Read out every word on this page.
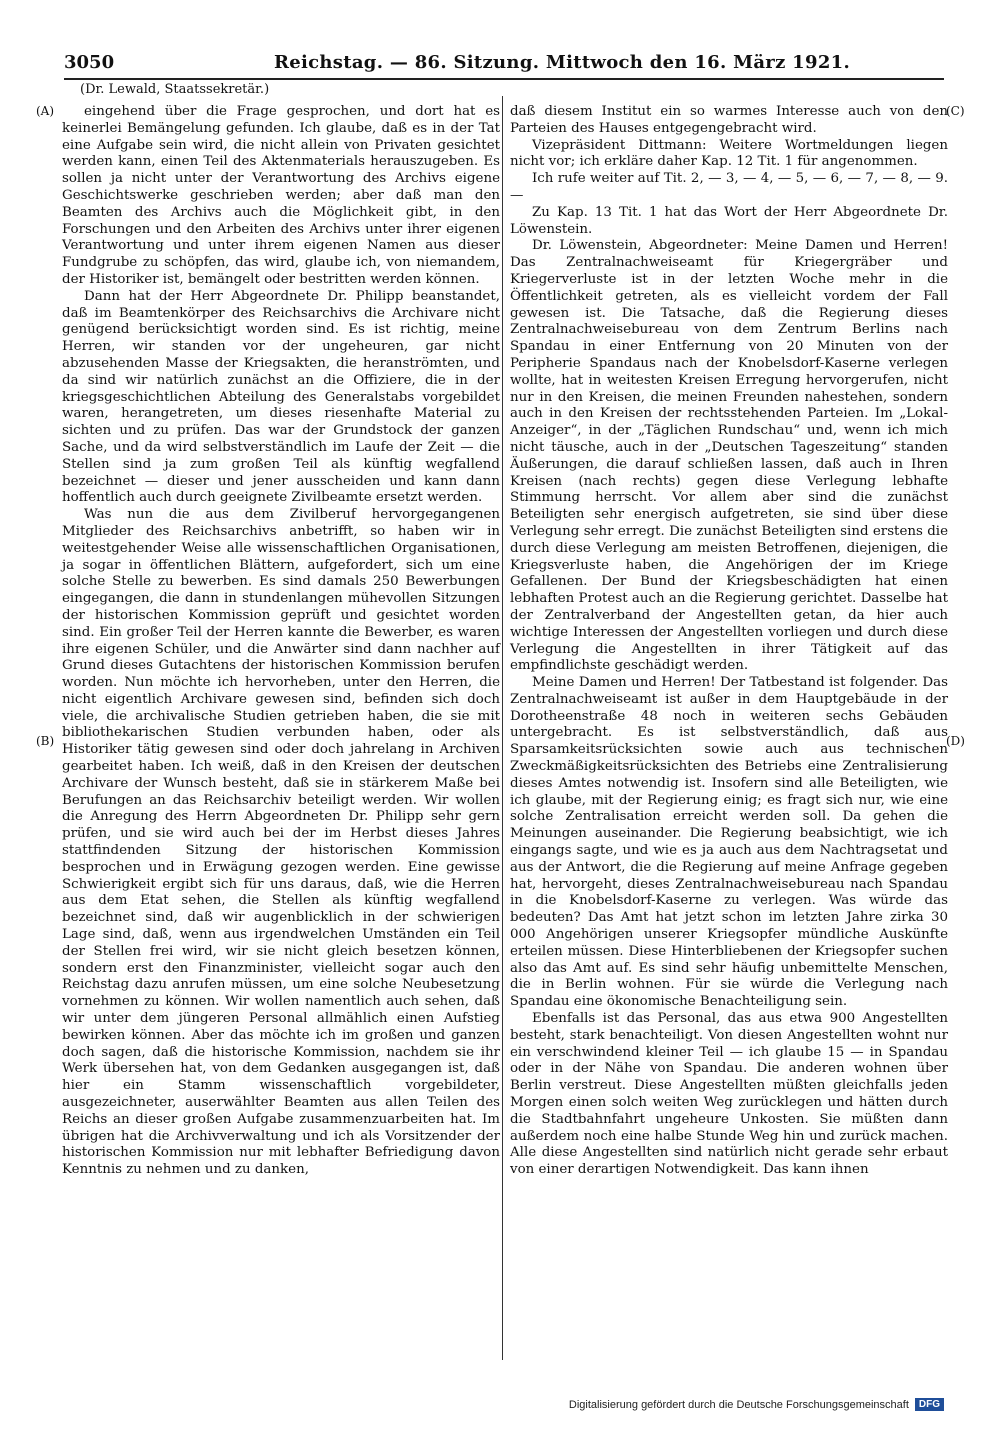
3050	Reichstag. — 86. Sitzung. Mittwoch den 16. März 1921.
(Dr. Lewald, Staatssekretär.)
(A)
(B)
(C)
(D)

eingehend über die Frage gesprochen, und dort hat es keinerlei Bemängelung gefunden. Ich glaube, daß es in der Tat eine Aufgabe sein wird, die nicht allein von Privaten gesichtet werden kann, einen Teil des Aktenmaterials herauszugeben. Es sollen ja nicht unter der Verantwortung des Archivs eigene Geschichtswerke geschrieben werden; aber daß man den Beamten des Archivs auch die Möglichkeit gibt, in den Forschungen und den Arbeiten des Archivs unter ihrer eigenen Verantwortung und unter ihrem eigenen Namen aus dieser Fundgrube zu schöpfen, das wird, glaube ich, von niemandem, der Historiker ist, bemängelt oder bestritten werden können.

Dann hat der Herr Abgeordnete Dr. Philipp beanstandet, daß im Beamtenkörper des Reichsarchivs die Archivare nicht genügend berücksichtigt worden sind. Es ist richtig, meine Herren, wir standen vor der ungeheuren, gar nicht abzusehenden Masse der Kriegsakten, die heranströmten, und da sind wir natürlich zunächst an die Offiziere, die in der kriegsgeschichtlichen Abteilung des Generalstabs vorgebildet waren, herangetreten, um dieses riesenhafte Material zu sichten und zu prüfen. Das war der Grundstock der ganzen Sache, und da wird selbstverständlich im Laufe der Zeit — die Stellen sind ja zum großen Teil als künftig wegfallend bezeichnet — dieser und jener ausscheiden und kann dann hoffentlich auch durch geeignete Zivilbeamte ersetzt werden.

Was nun die aus dem Zivilberuf hervorgegangenen Mitglieder des Reichsarchivs anbetrifft, so haben wir in weitestgehender Weise alle wissenschaftlichen Organisationen, ja sogar in öffentlichen Blättern, aufgefordert, sich um eine solche Stelle zu bewerben. Es sind damals 250 Bewerbungen eingegangen, die dann in stundenlangen mühevollen Sitzungen der historischen Kommission geprüft und gesichtet worden sind. Ein großer Teil der Herren kannte die Bewerber, es waren ihre eigenen Schüler, und die Anwärter sind dann nachher auf Grund dieses Gutachtens der historischen Kommission berufen worden. Nun möchte ich hervorheben, unter den Herren, die nicht eigentlich Archivare gewesen sind, befinden sich doch viele, die archivalische Studien getrieben haben, die sie mit bibliothekarischen Studien verbunden haben, oder als Historiker tätig gewesen sind oder doch jahrelang in Archiven gearbeitet haben. Ich weiß, daß in den Kreisen der deutschen Archivare der Wunsch besteht, daß sie in stärkerem Maße bei Berufungen an das Reichsarchiv beteiligt werden. Wir wollen die Anregung des Herrn Abgeordneten Dr. Philipp sehr gern prüfen, und sie wird auch bei der im Herbst dieses Jahres stattfindenden Sitzung der historischen Kommission besprochen und in Erwägung gezogen werden. Eine gewisse Schwierigkeit ergibt sich für uns daraus, daß, wie die Herren aus dem Etat sehen, die Stellen als künftig wegfallend bezeichnet sind, daß wir augenblicklich in der schwierigen Lage sind, daß, wenn aus irgendwelchen Umständen ein Teil der Stellen frei wird, wir sie nicht gleich besetzen können, sondern erst den Finanzminister, vielleicht sogar auch den Reichstag dazu anrufen müssen, um eine solche Neubesetzung vornehmen zu können. Wir wollen namentlich auch sehen, daß wir unter dem jüngeren Personal allmählich einen Aufstieg bewirken können. Aber das möchte ich im großen und ganzen doch sagen, daß die historische Kommission, nachdem sie ihr Werk übersehen hat, von dem Gedanken ausgegangen ist, daß hier ein Stamm wissenschaftlich vorgebildeter, ausgezeichneter, auserwählter Beamten aus allen Teilen des Reichs an dieser großen Aufgabe zusammenzuarbeiten hat. Im übrigen hat die Archivverwaltung und ich als Vorsitzender der historischen Kommission nur mit lebhafter Befriedigung davon Kenntnis zu nehmen und zu danken,

daß diesem Institut ein so warmes Interesse auch von den Parteien des Hauses entgegengebracht wird.

Vizepräsident Dittmann: Weitere Wortmeldungen liegen nicht vor; ich erkläre daher Kap. 12 Tit. 1 für angenommen.

Ich rufe weiter auf Tit. 2, — 3, — 4, — 5, — 6, — 7, — 8, — 9. —

Zu Kap. 13 Tit. 1 hat das Wort der Herr Abgeordnete Dr. Löwenstein.

Dr. Löwenstein, Abgeordneter: Meine Damen und Herren! Das Zentralnachweiseamt für Kriegergräber und Kriegerverluste ist in der letzten Woche mehr in die Öffentlichkeit getreten, als es vielleicht vordem der Fall gewesen ist. Die Tatsache, daß die Regierung dieses Zentralnachweisebureau von dem Zentrum Berlins nach Spandau in einer Entfernung von 20 Minuten von der Peripherie Spandaus nach der Knobelsdorf-Kaserne verlegen wollte, hat in weitesten Kreisen Erregung hervorgerufen, nicht nur in den Kreisen, die meinen Freunden nahestehen, sondern auch in den Kreisen der rechtsstehenden Parteien. Im „Lokal-Anzeiger“, in der „Täglichen Rundschau“ und, wenn ich mich nicht täusche, auch in der „Deutschen Tageszeitung“ standen Äußerungen, die darauf schließen lassen, daß auch in Ihren Kreisen (nach rechts) gegen diese Verlegung lebhafte Stimmung herrscht. Vor allem aber sind die zunächst Beteiligten sehr energisch aufgetreten, sie sind über diese Verlegung sehr erregt. Die zunächst Beteiligten sind erstens die durch diese Verlegung am meisten Betroffenen, diejenigen, die Kriegsverluste haben, die Angehörigen der im Kriege Gefallenen. Der Bund der Kriegsbeschädigten hat einen lebhaften Protest auch an die Regierung gerichtet. Dasselbe hat der Zentralverband der Angestellten getan, da hier auch wichtige Interessen der Angestellten vorliegen und durch diese Verlegung die Angestellten in ihrer Tätigkeit auf das empfindlichste geschädigt werden.

Meine Damen und Herren! Der Tatbestand ist folgender. Das Zentralnachweiseamt ist außer in dem Hauptgebäude in der Dorotheenstraße 48 noch in weiteren sechs Gebäuden untergebracht. Es ist selbstverständlich, daß aus Sparsamkeitsrücksichten sowie auch aus technischen Zweckmäßigkeitsrücksichten des Betriebs eine Zentralisierung dieses Amtes notwendig ist. Insofern sind alle Beteiligten, wie ich glaube, mit der Regierung einig; es fragt sich nur, wie eine solche Zentralisation erreicht werden soll. Da gehen die Meinungen auseinander. Die Regierung beabsichtigt, wie ich eingangs sagte, und wie es ja auch aus dem Nachtragsetat und aus der Antwort, die die Regierung auf meine Anfrage gegeben hat, hervorgeht, dieses Zentralnachweisebureau nach Spandau in die Knobelsdorf-Kaserne zu verlegen. Was würde das bedeuten? Das Amt hat jetzt schon im letzten Jahre zirka 30 000 Angehörigen unserer Kriegsopfer mündliche Auskünfte erteilen müssen. Diese Hinterbliebenen der Kriegsopfer suchen also das Amt auf. Es sind sehr häufig unbemittelte Menschen, die in Berlin wohnen. Für sie würde die Verlegung nach Spandau eine ökonomische Benachteiligung sein.

Ebenfalls ist das Personal, das aus etwa 900 Angestellten besteht, stark benachteiligt. Von diesen Angestellten wohnt nur ein verschwindend kleiner Teil — ich glaube 15 — in Spandau oder in der Nähe von Spandau. Die anderen wohnen über Berlin verstreut. Diese Angestellten müßten gleichfalls jeden Morgen einen solch weiten Weg zurücklegen und hätten durch die Stadtbahnfahrt ungeheure Unkosten. Sie müßten dann außerdem noch eine halbe Stunde Weg hin und zurück machen. Alle diese Angestellten sind natürlich nicht gerade sehr erbaut von einer derartigen Notwendigkeit. Das kann ihnen

Digitalisierung gefördert durch die Deutsche Forschungsgemeinschaft	DFG
